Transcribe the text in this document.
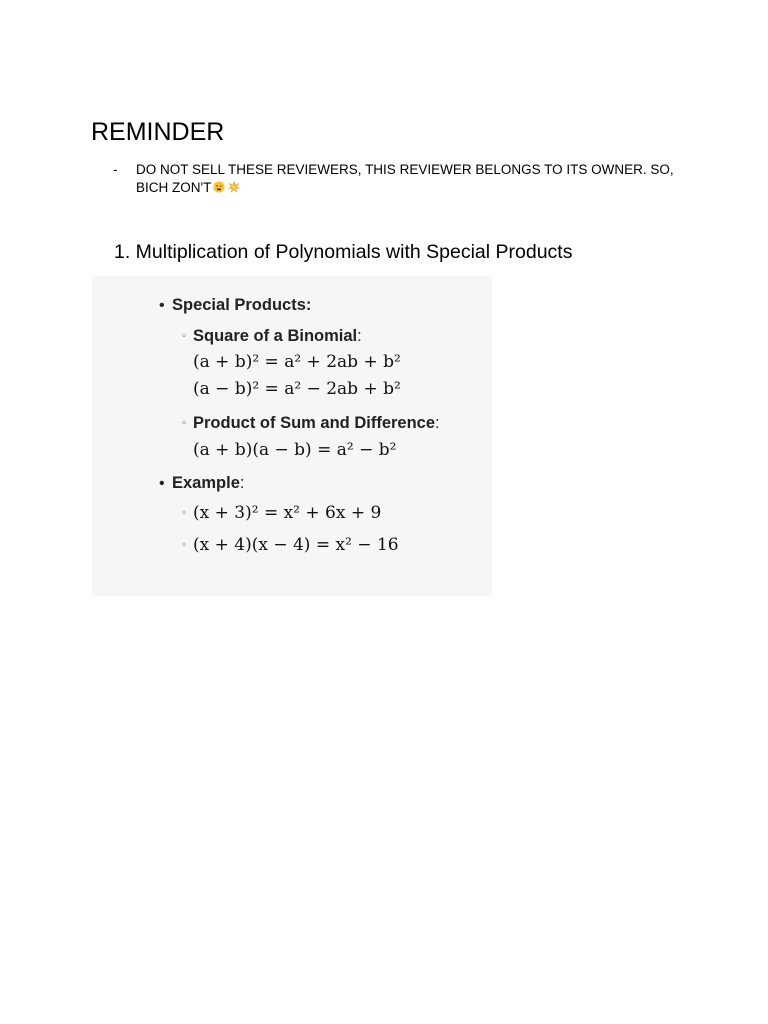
REMINDER
- DO NOT SELL THESE REVIEWERS, THIS REVIEWER BELONGS TO ITS OWNER. SO, BICH ZON'T
1. Multiplication of Polynomials with Special Products
• Special Products:
◦ Square of a Binomial:
(a + b)² = a² + 2ab + b²
(a − b)² = a² − 2ab + b²
◦ Product of Sum and Difference:
(a + b)(a − b) = a² − b²
• Example:
◦ (x + 3)² = x² + 6x + 9
◦ (x + 4)(x − 4) = x² − 16
